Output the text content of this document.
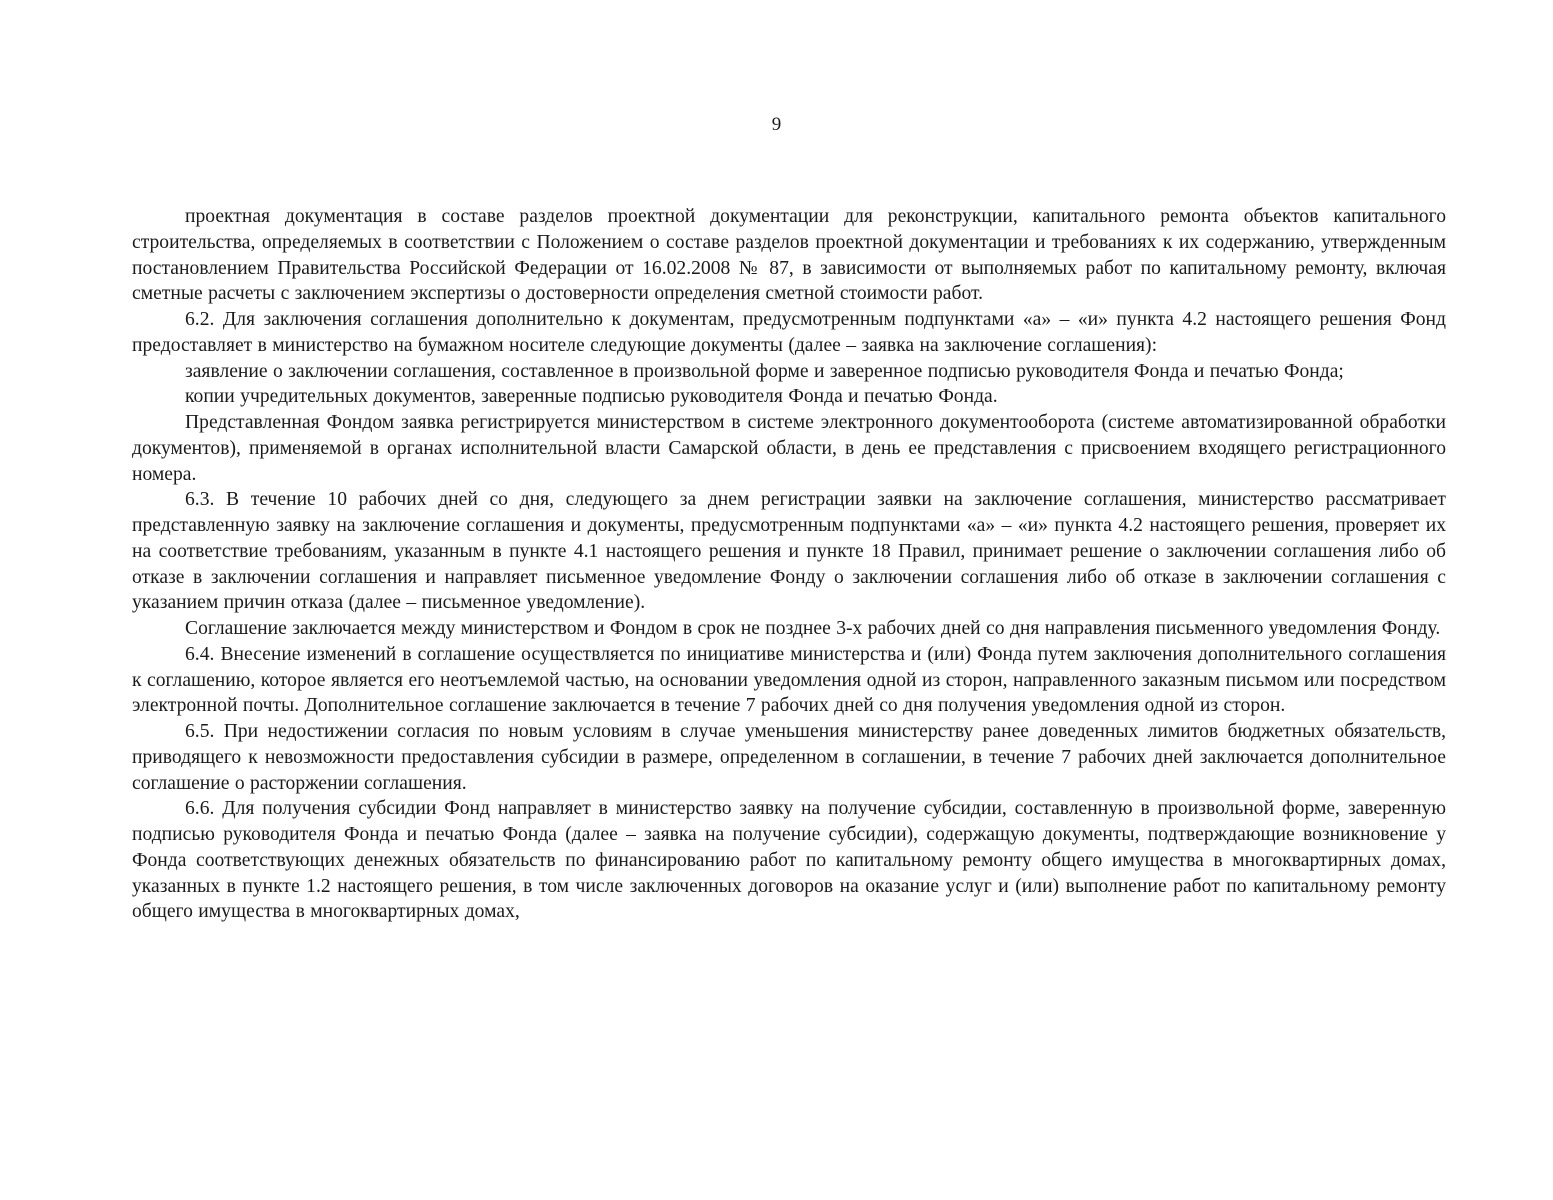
9

проектная документация в составе разделов проектной документации для реконструкции, капитального ремонта объектов капитального строительства, определяемых в соответствии с Положением о составе разделов проектной документации и требованиях к их содержанию, утвержденным постановлением Правительства Российской Федерации от 16.02.2008 № 87, в зависимости от выполняемых работ по капитальному ремонту, включая сметные расчеты с заключением экспертизы о достоверности определения сметной стоимости работ.

6.2. Для заключения соглашения дополнительно к документам, предусмотренным подпунктами «а» – «и» пункта 4.2 настоящего решения Фонд предоставляет в министерство на бумажном носителе следующие документы (далее – заявка на заключение соглашения):

заявление о заключении соглашения, составленное в произвольной форме и заверенное подписью руководителя Фонда и печатью Фонда;

копии учредительных документов, заверенные подписью руководителя Фонда и печатью Фонда.

Представленная Фондом заявка регистрируется министерством в системе электронного документооборота (системе автоматизированной обработки документов), применяемой в органах исполнительной власти Самарской области, в день ее представления с присвоением входящего регистрационного номера.

6.3. В течение 10 рабочих дней со дня, следующего за днем регистрации заявки на заключение соглашения, министерство рассматривает представленную заявку на заключение соглашения и документы, предусмотренным подпунктами «а» – «и» пункта 4.2 настоящего решения, проверяет их на соответствие требованиям, указанным в пункте 4.1 настоящего решения и пункте 18 Правил, принимает решение о заключении соглашения либо об отказе в заключении соглашения и направляет письменное уведомление Фонду о заключении соглашения либо об отказе в заключении соглашения с указанием причин отказа (далее – письменное уведомление).

Соглашение заключается между министерством и Фондом в срок не позднее 3-х рабочих дней со дня направления письменного уведомления Фонду.

6.4. Внесение изменений в соглашение осуществляется по инициативе министерства и (или) Фонда путем заключения дополнительного соглашения к соглашению, которое является его неотъемлемой частью, на основании уведомления одной из сторон, направленного заказным письмом или посредством электронной почты. Дополнительное соглашение заключается в течение 7 рабочих дней со дня получения уведомления одной из сторон.

6.5. При недостижении согласия по новым условиям в случае уменьшения министерству ранее доведенных лимитов бюджетных обязательств, приводящего к невозможности предоставления субсидии в размере, определенном в соглашении, в течение 7 рабочих дней заключается дополнительное соглашение о расторжении соглашения.

6.6. Для получения субсидии Фонд направляет в министерство заявку на получение субсидии, составленную в произвольной форме, заверенную подписью руководителя Фонда и печатью Фонда (далее – заявка на получение субсидии), содержащую документы, подтверждающие возникновение у Фонда соответствующих денежных обязательств по финансированию работ по капитальному ремонту общего имущества в многоквартирных домах, указанных в пункте 1.2 настоящего решения, в том числе заключенных договоров на оказание услуг и (или) выполнение работ по капитальному ремонту общего имущества в многоквартирных домах,
